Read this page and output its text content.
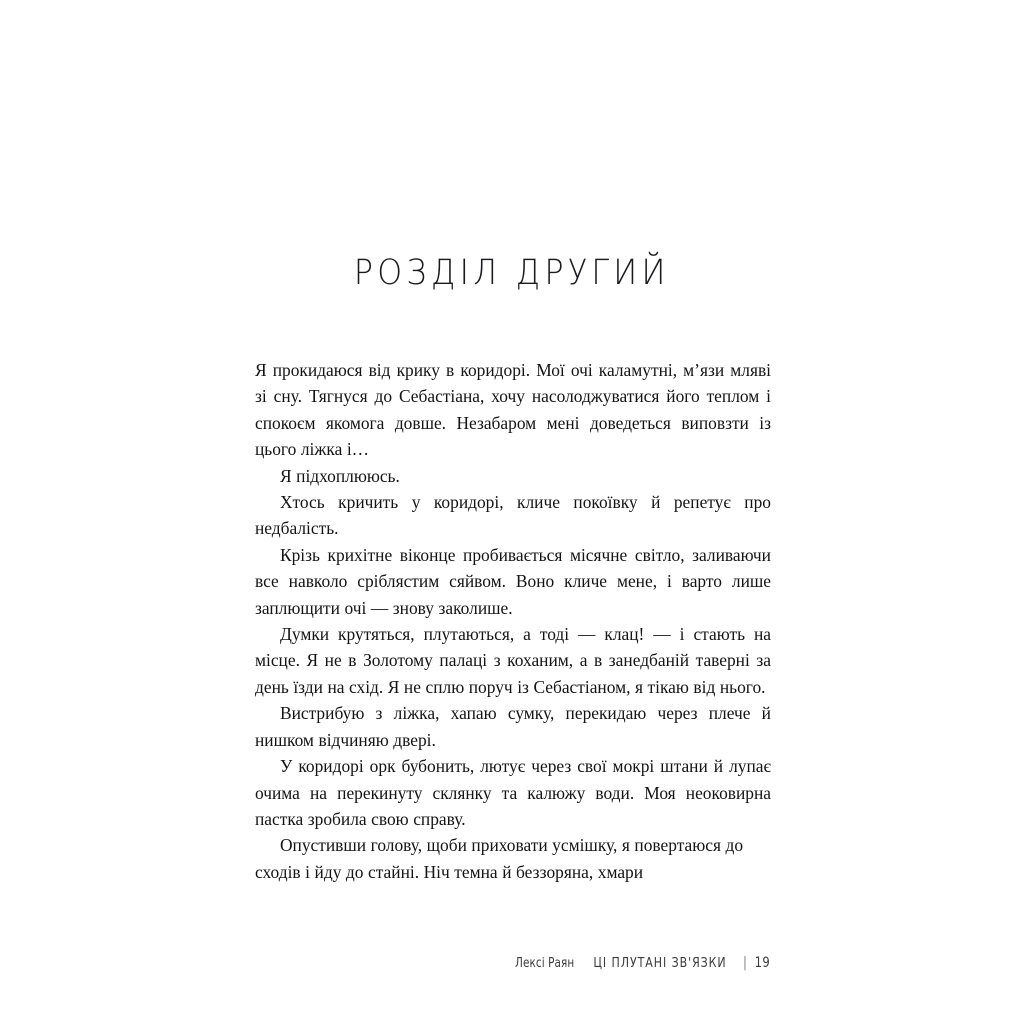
РОЗДІЛ ДРУГИЙ

Я прокидаюся від крику в коридорі. Мої очі каламутні, м’язи мляві зі сну. Тягнуся до Себастіана, хочу насолоджуватися його теплом і спокоєм якомога довше. Незабаром мені доведеться виповзти із цього ліжка і…

Я підхоплююсь.

Хтось кричить у коридорі, кличе покоївку й репетує про недбалість.

Крізь крихітне віконце пробивається місячне світло, заливаючи все навколо сріблястим сяйвом. Воно кличе мене, і варто лише заплющити очі — знову заколише.

Думки крутяться, плутаються, а тоді — клац! — і стають на місце. Я не в Золотому палаці з коханим, а в занедбаній таверні за день їзди на схід. Я не сплю поруч із Себастіаном, я тікаю від нього.

Вистрибую з ліжка, хапаю сумку, перекидаю через плече й нишком відчиняю двері.

У коридорі орк бубонить, лютує через свої мокрі штани й лупає очима на перекинуту склянку та калюжу води. Моя неоковирна пастка зробила свою справу.

Опустивши голову, щоби приховати усмішку, я повертаюся до сходів і йду до стайні. Ніч темна й беззоряна, хмари

Лексі Раян ЦІ ПЛУТАНІ ЗВ'ЯЗКИ | 19
